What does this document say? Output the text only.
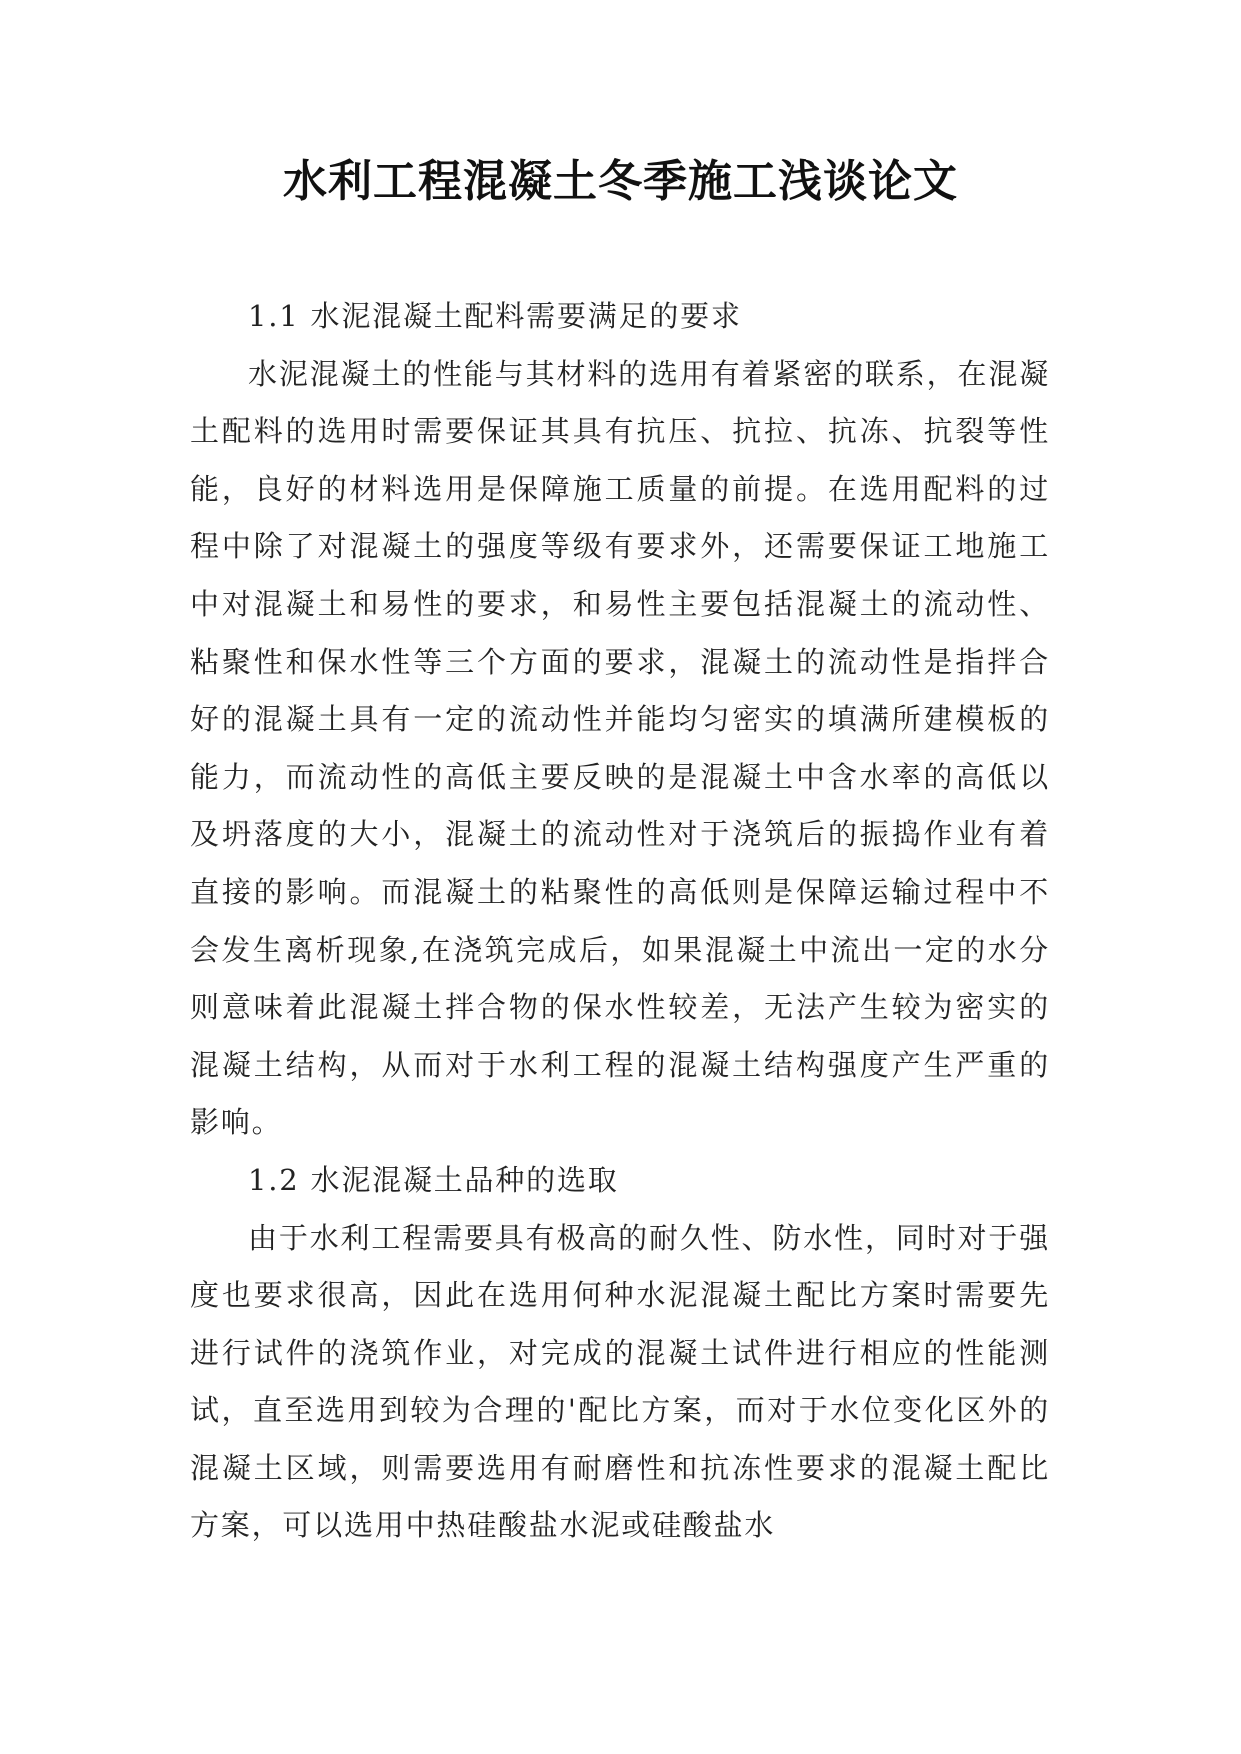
水利工程混凝土冬季施工浅谈论文

1.1 水泥混凝土配料需要满足的要求

水泥混凝土的性能与其材料的选用有着紧密的联系，在混凝土配料的选用时需要保证其具有抗压、抗拉、抗冻、抗裂等性能，良好的材料选用是保障施工质量的前提。在选用配料的过程中除了对混凝土的强度等级有要求外，还需要保证工地施工中对混凝土和易性的要求，和易性主要包括混凝土的流动性、粘聚性和保水性等三个方面的要求，混凝土的流动性是指拌合好的混凝土具有一定的流动性并能均匀密实的填满所建模板的能力，而流动性的高低主要反映的是混凝土中含水率的高低以及坍落度的大小，混凝土的流动性对于浇筑后的振捣作业有着直接的影响。而混凝土的粘聚性的高低则是保障运输过程中不会发生离析现象,在浇筑完成后，如果混凝土中流出一定的水分则意味着此混凝土拌合物的保水性较差，无法产生较为密实的混凝土结构，从而对于水利工程的混凝土结构强度产生严重的影响。

1.2 水泥混凝土品种的选取

由于水利工程需要具有极高的耐久性、防水性，同时对于强度也要求很高，因此在选用何种水泥混凝土配比方案时需要先进行试件的浇筑作业，对完成的混凝土试件进行相应的性能测试，直至选用到较为合理的'配比方案，而对于水位变化区外的混凝土区域，则需要选用有耐磨性和抗冻性要求的混凝土配比方案，可以选用中热硅酸盐水泥或硅酸盐水
